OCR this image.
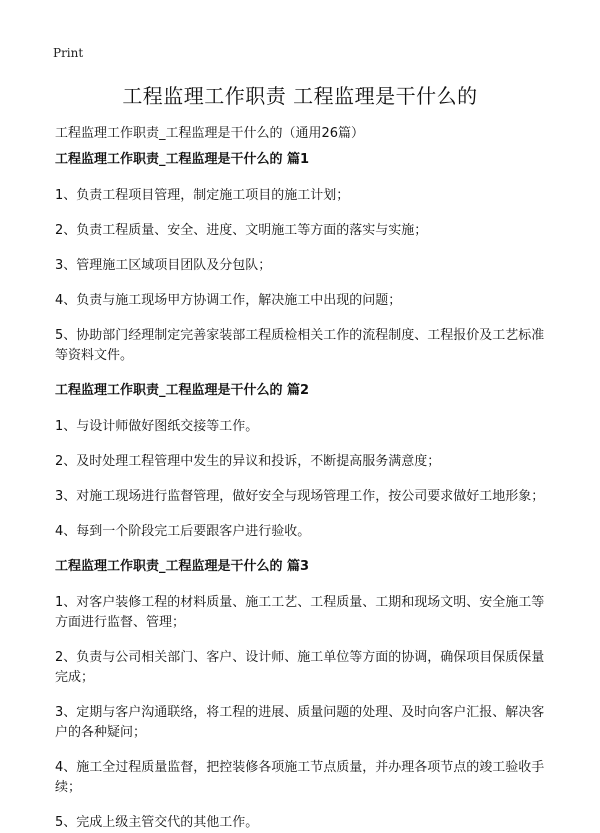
Print
工程监理工作职责 工程监理是干什么的
工程监理工作职责_工程监理是干什么的（通用26篇）
工程监理工作职责_工程监理是干什么的 篇1

1、负责工程项目管理，制定施工项目的施工计划；

2、负责工程质量、安全、进度、文明施工等方面的落实与实施；

3、管理施工区域项目团队及分包队；

4、负责与施工现场甲方协调工作，解决施工中出现的问题；

5、协助部门经理制定完善家装部工程质检相关工作的流程制度、工程报价及工艺标准等资料文件。

工程监理工作职责_工程监理是干什么的 篇2

1、与设计师做好图纸交接等工作。

2、及时处理工程管理中发生的异议和投诉，不断提高服务满意度；

3、对施工现场进行监督管理，做好安全与现场管理工作，按公司要求做好工地形象；

4、每到一个阶段完工后要跟客户进行验收。

工程监理工作职责_工程监理是干什么的 篇3

1、对客户装修工程的材料质量、施工工艺、工程质量、工期和现场文明、安全施工等方面进行监督、管理；

2、负责与公司相关部门、客户、设计师、施工单位等方面的协调，确保项目保质保量完成；

3、定期与客户沟通联络，将工程的进展、质量问题的处理、及时向客户汇报、解决客户的各种疑问；

4、施工全过程质量监督，把控装修各项施工节点质量，并办理各项节点的竣工验收手续；

5、完成上级主管交代的其他工作。
